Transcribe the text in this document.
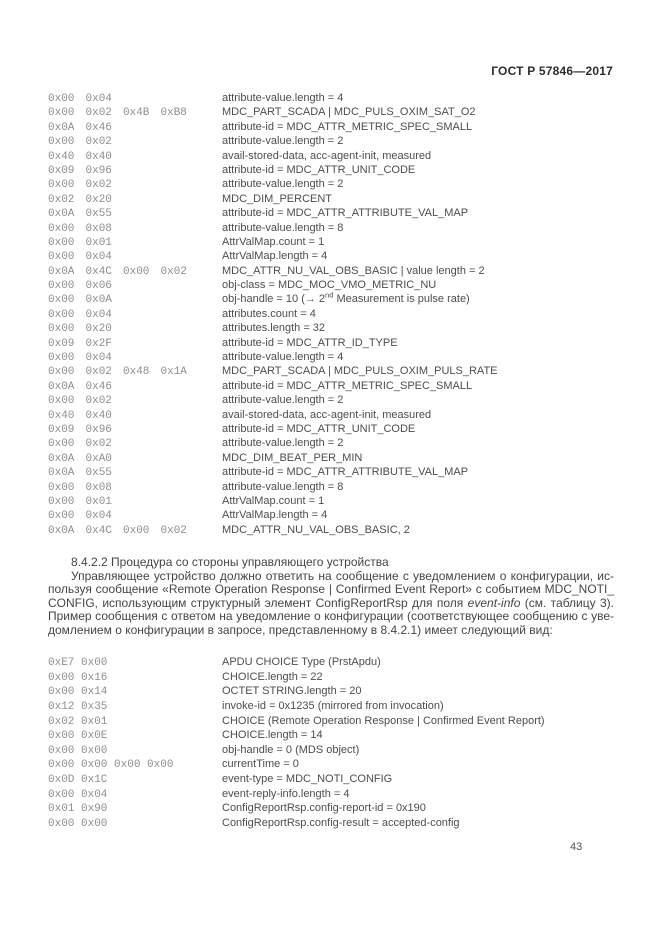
ГОСТ Р 57846—2017
0x00 0x04	attribute-value.length = 4
0x00 0x02 0x4B 0xB8	MDC_PART_SCADA | MDC_PULS_OXIM_SAT_O2
0x0A 0x46	attribute-id = MDC_ATTR_METRIC_SPEC_SMALL
0x00 0x02	attribute-value.length = 2
0x40 0x40	avail-stored-data, acc-agent-init, measured
0x09 0x96	attribute-id = MDC_ATTR_UNIT_CODE
0x00 0x02	attribute-value.length = 2
0x02 0x20	MDC_DIM_PERCENT
0x0A 0x55	attribute-id = MDC_ATTR_ATTRIBUTE_VAL_MAP
0x00 0x08	attribute-value.length = 8
0x00 0x01	AttrValMap.count = 1
0x00 0x04	AttrValMap.length = 4
0x0A 0x4C 0x00 0x02	MDC_ATTR_NU_VAL_OBS_BASIC | value length = 2
0x00 0x06	obj-class = MDC_MOC_VMO_METRIC_NU
0x00 0x0A	obj-handle = 10 (→ 2nd Measurement is pulse rate)
0x00 0x04	attributes.count = 4
0x00 0x20	attributes.length = 32
0x09 0x2F	attribute-id = MDC_ATTR_ID_TYPE
0x00 0x04	attribute-value.length = 4
0x00 0x02 0x48 0x1A	MDC_PART_SCADA | MDC_PULS_OXIM_PULS_RATE
0x0A 0x46	attribute-id = MDC_ATTR_METRIC_SPEC_SMALL
0x00 0x02	attribute-value.length = 2
0x40 0x40	avail-stored-data, acc-agent-init, measured
0x09 0x96	attribute-id = MDC_ATTR_UNIT_CODE
0x00 0x02	attribute-value.length = 2
0x0A 0xA0	MDC_DIM_BEAT_PER_MIN
0x0A 0x55	attribute-id = MDC_ATTR_ATTRIBUTE_VAL_MAP
0x00 0x08	attribute-value.length = 8
0x00 0x01	AttrValMap.count = 1
0x00 0x04	AttrValMap.length = 4
0x0A 0x4C 0x00 0x02	MDC_ATTR_NU_VAL_OBS_BASIC, 2
8.4.2.2 Процедура со стороны управляющего устройства
Управляющее устройство должно ответить на сообщение с уведомлением о конфигурации, ис-
пользуя сообщение «Remote Operation Response | Confirmed Event Report» с событием MDC_NOTI_
CONFIG, использующим структурный элемент ConfigReportRsp для поля event-info (см. таблицу 3).
Пример сообщения с ответом на уведомление о конфигурации (соответствующее сообщению с уве-
домлением о конфигурации в запросе, представленному в 8.4.2.1) имеет следующий вид:
0xE7 0x00	APDU CHOICE Type (PrstApdu)
0x00 0x16	CHOICE.length = 22
0x00 0x14	OCTET STRING.length = 20
0x12 0x35	invoke-id = 0x1235 (mirrored from invocation)
0x02 0x01	CHOICE (Remote Operation Response | Confirmed Event Report)
0x00 0x0E	CHOICE.length = 14
0x00 0x00	obj-handle = 0 (MDS object)
0x00 0x00 0x00 0x00	currentTime = 0
0x0D 0x1C	event-type = MDC_NOTI_CONFIG
0x00 0x04	event-reply-info.length = 4
0x01 0x90	ConfigReportRsp.config-report-id = 0x190
0x00 0x00	ConfigReportRsp.config-result = accepted-config
43
